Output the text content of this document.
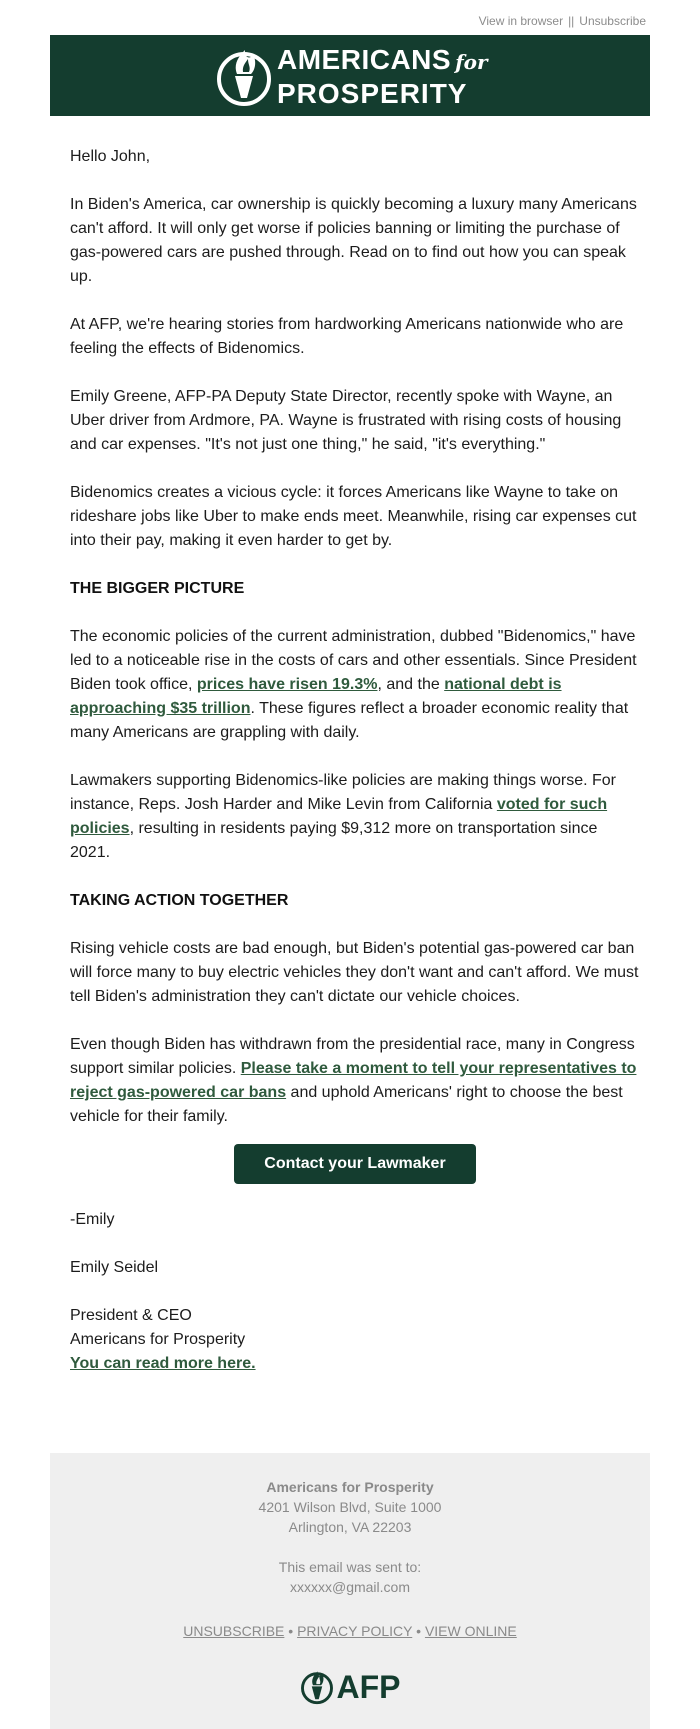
View in browser || Unsubscribe
AMERICANS for
PROSPERITY

Hello John,

In Biden's America, car ownership is quickly becoming a luxury many Americans can't afford. It will only get worse if policies banning or limiting the purchase of gas-powered cars are pushed through. Read on to find out how you can speak up.

At AFP, we're hearing stories from hardworking Americans nationwide who are feeling the effects of Bidenomics.

Emily Greene, AFP-PA Deputy State Director, recently spoke with Wayne, an Uber driver from Ardmore, PA. Wayne is frustrated with rising costs of housing and car expenses. "It's not just one thing," he said, "it's everything."

Bidenomics creates a vicious cycle: it forces Americans like Wayne to take on rideshare jobs like Uber to make ends meet. Meanwhile, rising car expenses cut into their pay, making it even harder to get by.

THE BIGGER PICTURE

The economic policies of the current administration, dubbed "Bidenomics," have led to a noticeable rise in the costs of cars and other essentials. Since President Biden took office, prices have risen 19.3%, and the national debt is approaching $35 trillion. These figures reflect a broader economic reality that many Americans are grappling with daily.

Lawmakers supporting Bidenomics-like policies are making things worse. For instance, Reps. Josh Harder and Mike Levin from California voted for such policies, resulting in residents paying $9,312 more on transportation since 2021.

TAKING ACTION TOGETHER

Rising vehicle costs are bad enough, but Biden's potential gas-powered car ban will force many to buy electric vehicles they don't want and can't afford. We must tell Biden's administration they can't dictate our vehicle choices.

Even though Biden has withdrawn from the presidential race, many in Congress support similar policies. Please take a moment to tell your representatives to reject gas-powered car bans and uphold Americans' right to choose the best vehicle for their family.

Contact your Lawmaker

-Emily

Emily Seidel

President & CEO
Americans for Prosperity
You can read more here.
Americans for Prosperity
4201 Wilson Blvd, Suite 1000
Arlington, VA 22203
This email was sent to:
xxxxxx@gmail.com
UNSUBSCRIBE • PRIVACY POLICY • VIEW ONLINE
AFP
